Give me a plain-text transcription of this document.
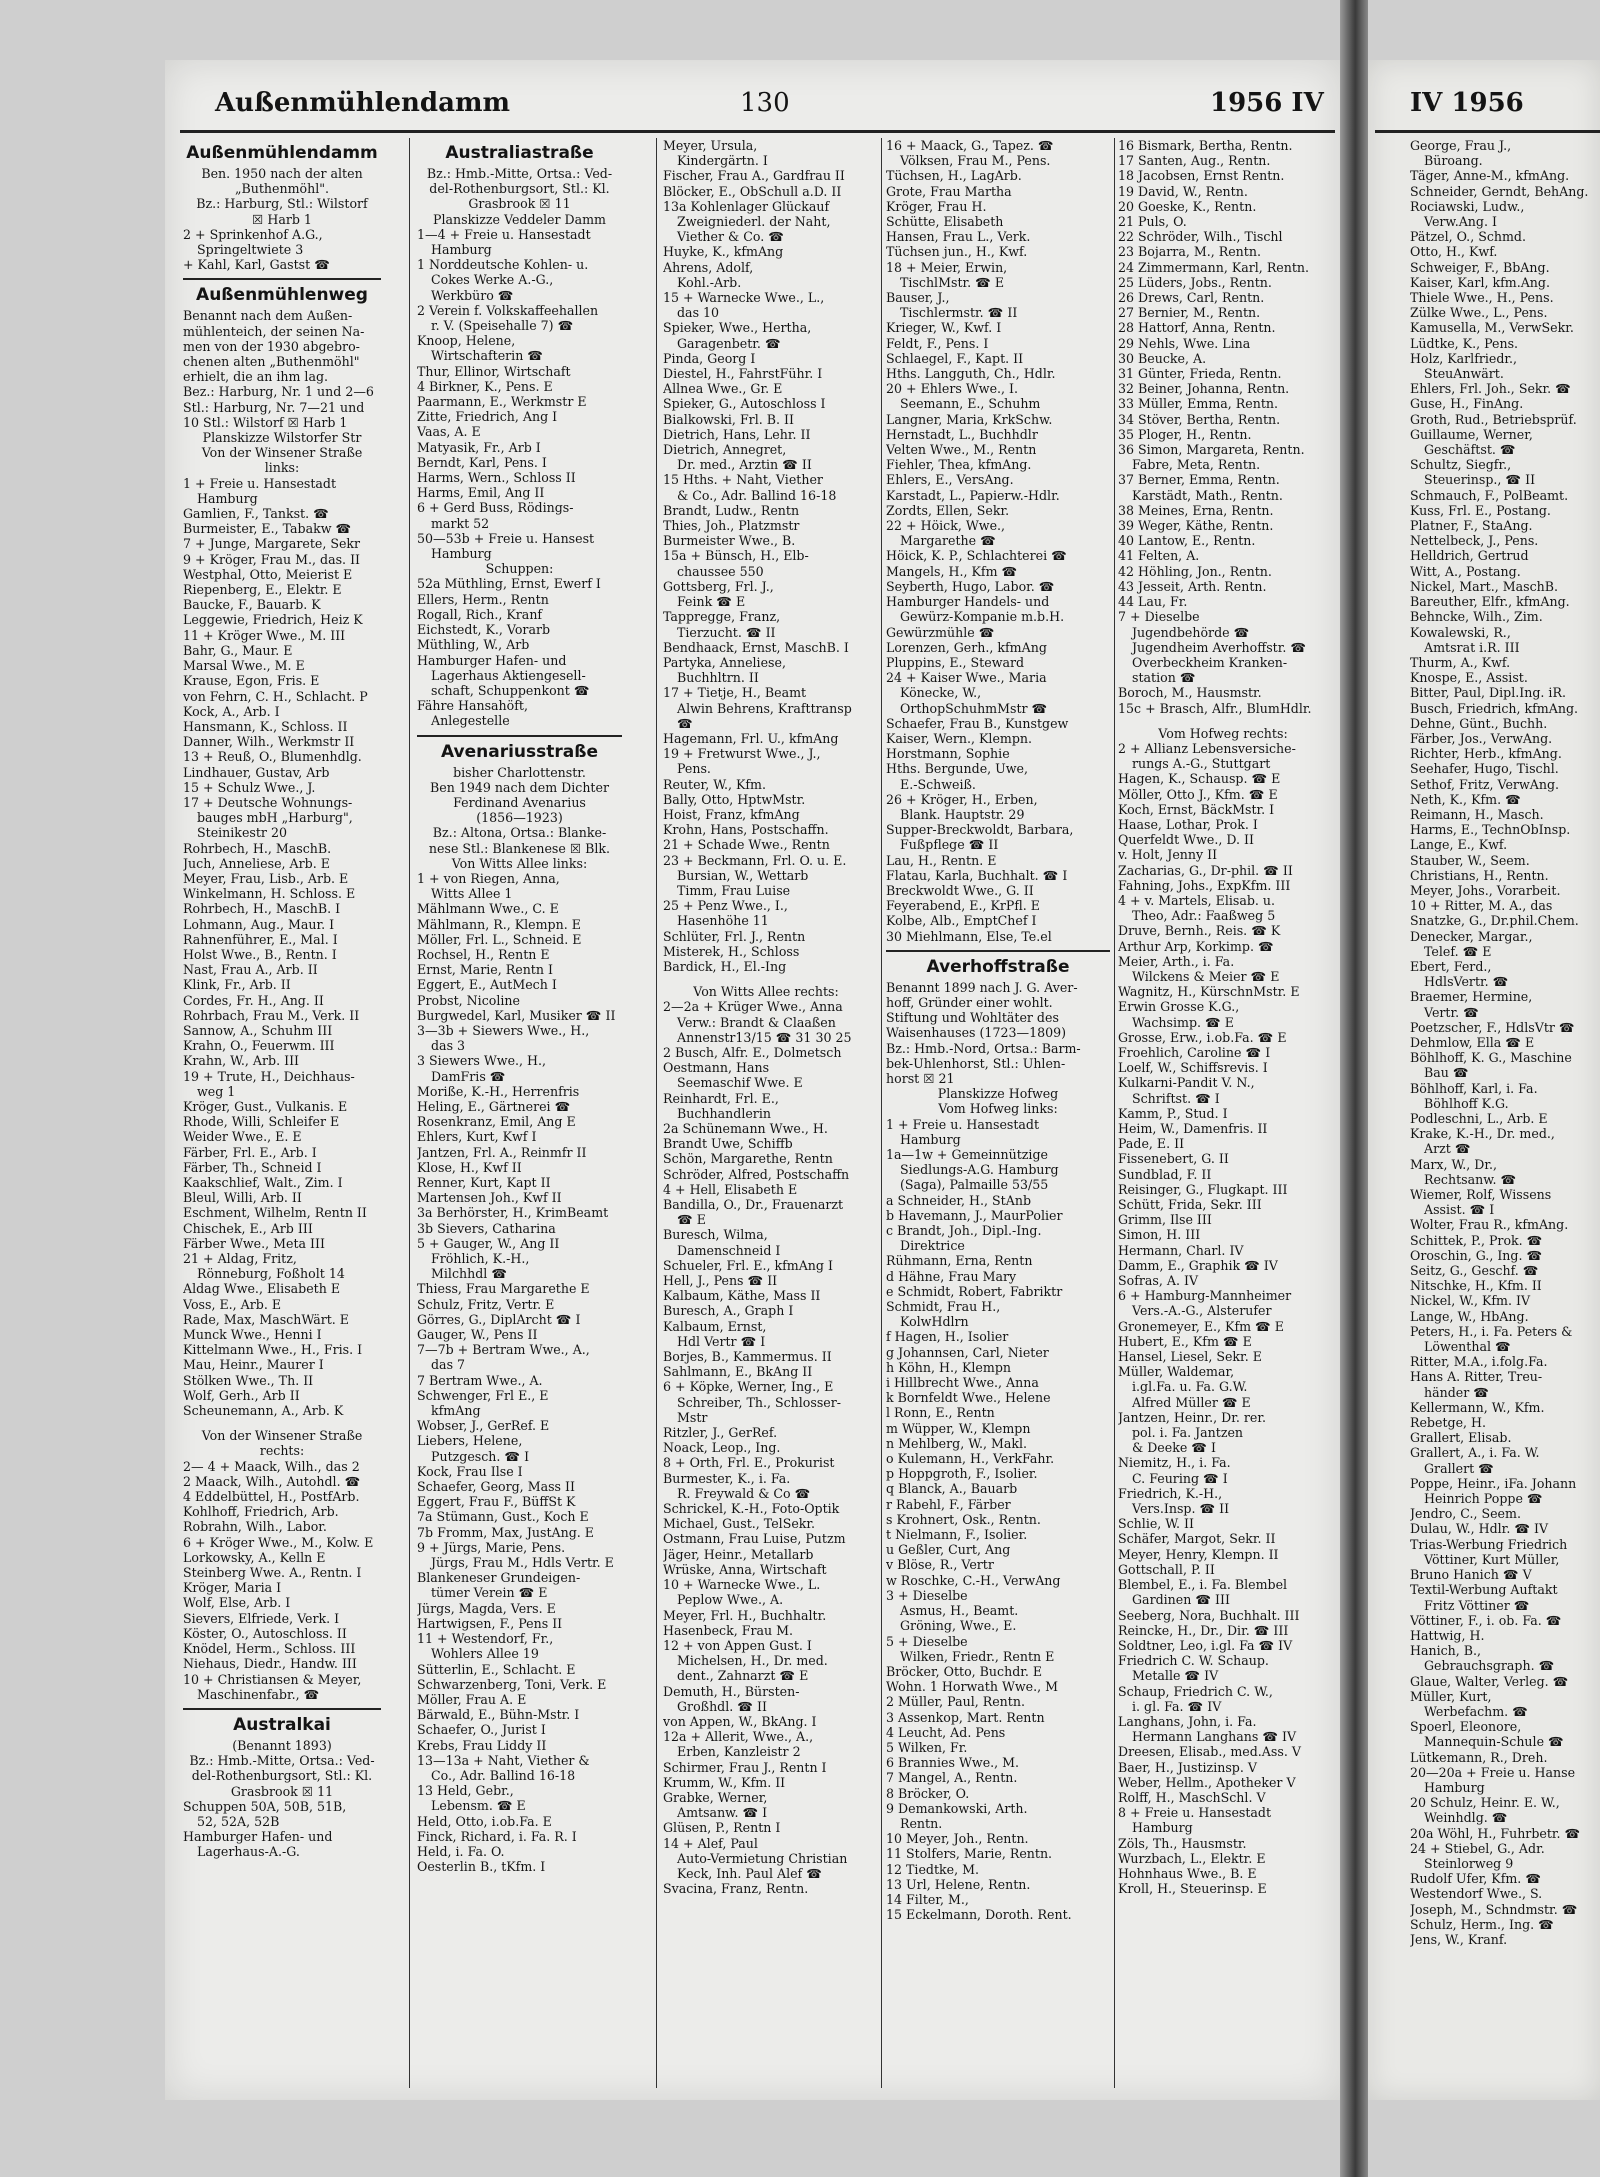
Außenmühlendamm	130	1956 IV	IV 1956
Außenmühlendamm
Ben. 1950 nach der alten
„Buthenmöhl".
Bz.: Harburg, Stl.: Wilstorf
☒ Harb 1
2 + Sprinkenhof A.G.,
Springeltwiete 3
+ Kahl, Karl, Gastst ☎
Außenmühlenweg
Benannt nach dem Außen-
mühlenteich, der seinen Na-
men von der 1930 abgebro-
chenen alten „Buthenmöhl"
erhielt, die an ihm lag.
Bez.: Harburg, Nr. 1 und 2—6
Stl.: Harburg, Nr. 7—21 und
10 Stl.: Wilstorf ☒ Harb 1
Planskizze Wilstorfer Str
Von der Winsener Straße
links:
1 + Freie u. Hansestadt
Hamburg
Gamlien, F., Tankst. ☎
Burmeister, E., Tabakw ☎
7 + Junge, Margarete, Sekr
9 + Kröger, Frau M., das. II
Westphal, Otto, Meierist E
Riepenberg, E., Elektr. E
Baucke, F., Bauarb. K
Leggewie, Friedrich, Heiz K
11 + Kröger Wwe., M. III
Bahr, G., Maur. E
Marsal Wwe., M. E
Krause, Egon, Fris. E
von Fehrn, C. H., Schlacht. P
Kock, A., Arb. I
Hansmann, K., Schloss. II
Danner, Wilh., Werkmstr II
13 + Reuß, O., Blumenhdlg.
Lindhauer, Gustav, Arb
15 + Schulz Wwe., J.
17 + Deutsche Wohnungs-
bauges mbH „Harburg",
Steinikestr 20
Rohrbech, H., MaschB.
Juch, Anneliese, Arb. E
Meyer, Frau, Lisb., Arb. E
Winkelmann, H. Schloss. E
Rohrbech, H., MaschB. I
Lohmann, Aug., Maur. I
Rahnenführer, E., Mal. I
Holst Wwe., B., Rentn. I
Nast, Frau A., Arb. II
Klink, Fr., Arb. II
Cordes, Fr. H., Ang. II
Rohrbach, Frau M., Verk. II
Sannow, A., Schuhm III
Krahn, O., Feuerwm. III
Krahn, W., Arb. III
19 + Trute, H., Deichhaus-
weg 1
Kröger, Gust., Vulkanis. E
Rhode, Willi, Schleifer E
Weider Wwe., E. E
Färber, Frl. E., Arb. I
Färber, Th., Schneid I
Kaakschlief, Walt., Zim. I
Bleul, Willi, Arb. II
Eschment, Wilhelm, Rentn II
Chischek, E., Arb III
Färber Wwe., Meta III
21 + Aldag, Fritz,
Rönneburg, Foßholt 14
Aldag Wwe., Elisabeth E
Voss, E., Arb. E
Rade, Max, MaschWärt. E
Munck Wwe., Henni I
Kittelmann Wwe., H., Fris. I
Mau, Heinr., Maurer I
Stölken Wwe., Th. II
Wolf, Gerh., Arb II
Scheunemann, A., Arb. K
Von der Winsener Straße
rechts:
2— 4 + Maack, Wilh., das 2
2 Maack, Wilh., Autohdl. ☎
4 Eddelbüttel, H., PostfArb.
Kohlhoff, Friedrich, Arb.
Robrahn, Wilh., Labor.
6 + Kröger Wwe., M., Kolw. E
Lorkowsky, A., Kelln E
Steinberg Wwe. A., Rentn. I
Kröger, Maria I
Wolf, Else, Arb. I
Sievers, Elfriede, Verk. I
Köster, O., Autoschloss. II
Knödel, Herm., Schloss. III
Niehaus, Diedr., Handw. III
10 + Christiansen & Meyer,
Maschinenfabr., ☎
Australkai
(Benannt 1893)
Bz.: Hmb.-Mitte, Ortsa.: Ved-
del-Rothenburgsort, Stl.: Kl.
Grasbrook ☒ 11
Schuppen 50A, 50B, 51B,
52, 52A, 52B
Hamburger Hafen- und
Lagerhaus-A.-G.
Australiastraße
Bz.: Hmb.-Mitte, Ortsa.: Ved-
del-Rothenburgsort, Stl.: Kl.
Grasbrook ☒ 11
Planskizze Veddeler Damm
1—4 + Freie u. Hansestadt
Hamburg
1 Norddeutsche Kohlen- u.
Cokes Werke A.-G.,
Werkbüro ☎
2 Verein f. Volkskaffeehallen
r. V. (Speisehalle 7) ☎
Knoop, Helene,
Wirtschafterin ☎
Thur, Ellinor, Wirtschaft
4 Birkner, K., Pens. E
Paarmann, E., Werkmstr E
Zitte, Friedrich, Ang I
Vaas, A. E
Matyasik, Fr., Arb I
Berndt, Karl, Pens. I
Harms, Wern., Schloss II
Harms, Emil, Ang II
6 + Gerd Buss, Rödings-
markt 52
50—53b + Freie u. Hansest
Hamburg
Schuppen:
52a Müthling, Ernst, Ewerf I
Ellers, Herm., Rentn
Rogall, Rich., Kranf
Eichstedt, K., Vorarb
Müthling, W., Arb
Hamburger Hafen- und
Lagerhaus Aktiengesell-
schaft, Schuppenkont ☎
Fähre Hansahöft,
Anlegestelle
Avenariusstraße
bisher Charlottenstr.
Ben 1949 nach dem Dichter
Ferdinand Avenarius
(1856—1923)
Bz.: Altona, Ortsa.: Blanke-
nese Stl.: Blankenese ☒ Blk.
Von Witts Allee links:
1 + von Riegen, Anna,
Witts Allee 1
Mählmann Wwe., C. E
Mählmann, R., Klempn. E
Möller, Frl. L., Schneid. E
Rochsel, H., Rentn E
Ernst, Marie, Rentn I
Eggert, E., AutMech I
Probst, Nicoline
Burgwedel, Karl, Musiker ☎ II
3—3b + Siewers Wwe., H.,
das 3
3 Siewers Wwe., H.,
DamFris ☎
Moriße, K.-H., Herrenfris
Heling, E., Gärtnerei ☎
Rosenkranz, Emil, Ang E
Ehlers, Kurt, Kwf I
Jantzen, Frl. A., Reinmfr II
Klose, H., Kwf II
Renner, Kurt, Kapt II
Martensen Joh., Kwf II
3a Berhörster, H., KrimBeamt
3b Sievers, Catharina
5 + Gauger, W., Ang II
Fröhlich, K.-H.,
Milchhdl ☎
Thiess, Frau Margarethe E
Schulz, Fritz, Vertr. E
Görres, G., DiplArcht ☎ I
Gauger, W., Pens II
7—7b + Bertram Wwe., A.,
das 7
7 Bertram Wwe., A.
Schwenger, Frl E., E
kfmAng
Wobser, J., GerRef. E
Liebers, Helene,
Putzgesch. ☎ I
Kock, Frau Ilse I
Schaefer, Georg, Mass II
Eggert, Frau F., BüffSt K
7a Stümann, Gust., Koch E
7b Fromm, Max, JustAng. E
9 + Jürgs, Marie, Pens.
Jürgs, Frau M., Hdls Vertr. E
Blankeneser Grundeigen-
tümer Verein ☎ E
Jürgs, Magda, Vers. E
Hartwigsen, F., Pens II
11 + Westendorf, Fr.,
Wohlers Allee 19
Sütterlin, E., Schlacht. E
Schwarzenberg, Toni, Verk. E
Möller, Frau A. E
Bärwald, E., Bühn-Mstr. I
Schaefer, O., Jurist I
Krebs, Frau Liddy II
13—13a + Naht, Viether &
Co., Adr. Ballind 16-18
13 Held, Gebr.,
Lebensm. ☎ E
Held, Otto, i.ob.Fa. E
Finck, Richard, i. Fa. R. I
Held, i. Fa. O.
Oesterlin B., tKfm. I
Meyer, Ursula,
Kindergärtn. I
Fischer, Frau A., Gardfrau II
Blöcker, E., ObSchull a.D. II
13a Kohlenlager Glückauf
Zweigniederl. der Naht,
Viether & Co. ☎
Huyke, K., kfmAng
Ahrens, Adolf,
Kohl.-Arb.
15 + Warnecke Wwe., L.,
das 10
Spieker, Wwe., Hertha,
Garagenbetr. ☎
Pinda, Georg I
Diestel, H., FahrstFühr. I
Allnea Wwe., Gr. E
Spieker, G., Autoschloss I
Bialkowski, Frl. B. II
Dietrich, Hans, Lehr. II
Dietrich, Annegret,
Dr. med., Arztin ☎ II
15 Hths. + Naht, Viether
& Co., Adr. Ballind 16-18
Brandt, Ludw., Rentn
Thies, Joh., Platzmstr
Burmeister Wwe., B.
15a + Bünsch, H., Elb-
chaussee 550
Gottsberg, Frl. J.,
Feink ☎ E
Tappregge, Franz,
Tierzucht. ☎ II
Bendhaack, Ernst, MaschB. I
Partyka, Anneliese,
Buchhltrn. II
17 + Tietje, H., Beamt
Alwin Behrens, Krafttransp
☎
Hagemann, Frl. U., kfmAng
19 + Fretwurst Wwe., J.,
Pens.
Reuter, W., Kfm.
Bally, Otto, HptwMstr.
Hoist, Franz, kfmAng
Krohn, Hans, Postschaffn.
21 + Schade Wwe., Rentn
23 + Beckmann, Frl. O. u. E.
Bursian, W., Wettarb
Timm, Frau Luise
25 + Penz Wwe., I.,
Hasenhöhe 11
Schlüter, Frl. J., Rentn
Misterek, H., Schloss
Bardick, H., El.-Ing
Von Witts Allee rechts:
2—2a + Krüger Wwe., Anna
Verw.: Brandt & Claaßen
Annenstr13/15 ☎ 31 30 25
2 Busch, Alfr. E., Dolmetsch
Oestmann, Hans
Seemaschif Wwe. E
Reinhardt, Frl. E.,
Buchhandlerin
2a Schünemann Wwe., H.
Brandt Uwe, Schiffb
Schön, Margarethe, Rentn
Schröder, Alfred, Postschaffn
4 + Hell, Elisabeth E
Bandilla, O., Dr., Frauenarzt
☎ E
Buresch, Wilma,
Damenschneid I
Schueler, Frl. E., kfmAng I
Hell, J., Pens ☎ II
Kalbaum, Käthe, Mass II
Buresch, A., Graph I
Kalbaum, Ernst,
Hdl Vertr ☎ I
Borjes, B., Kammermus. II
Sahlmann, E., BkAng II
6 + Köpke, Werner, Ing., E
Schreiber, Th., Schlosser-
Mstr
Ritzler, J., GerRef.
Noack, Leop., Ing.
8 + Orth, Frl. E., Prokurist
Burmester, K., i. Fa.
R. Freywald & Co ☎
Schrickel, K.-H., Foto-Optik
Michael, Gust., TelSekr.
Ostmann, Frau Luise, Putzm
Jäger, Heinr., Metallarb
Wrüske, Anna, Wirtschaft
10 + Warnecke Wwe., L.
Peplow Wwe., A.
Meyer, Frl. H., Buchhaltr.
Hasenbeck, Frau M.
12 + von Appen Gust. I
Michelsen, H., Dr. med.
dent., Zahnarzt ☎ E
Demuth, H., Bürsten-
Großhdl. ☎ II
von Appen, W., BkAng. I
12a + Allerit, Wwe., A.,
Erben, Kanzleistr 2
Schirmer, Frau J., Rentn I
Krumm, W., Kfm. II
Grabke, Werner,
Amtsanw. ☎ I
Glüsen, P., Rentn I
14 + Alef, Paul
Auto-Vermietung Christian
Keck, Inh. Paul Alef ☎
Svacina, Franz, Rentn.
16 + Maack, G., Tapez. ☎
Völksen, Frau M., Pens.
Tüchsen, H., LagArb.
Grote, Frau Martha
Kröger, Frau H.
Schütte, Elisabeth
Hansen, Frau L., Verk.
Tüchsen jun., H., Kwf.
18 + Meier, Erwin,
TischlMstr. ☎ E
Bauser, J.,
Tischlermstr. ☎ II
Krieger, W., Kwf. I
Feldt, F., Pens. I
Schlaegel, F., Kapt. II
Hths. Langguth, Ch., Hdlr.
20 + Ehlers Wwe., I.
Seemann, E., Schuhm
Langner, Maria, KrkSchw.
Hernstadt, L., Buchhdlr
Velten Wwe., M., Rentn
Fiehler, Thea, kfmAng.
Ehlers, E., VersAng.
Karstadt, L., Papierw.-Hdlr.
Zordts, Ellen, Sekr.
22 + Höick, Wwe.,
Margarethe ☎
Höick, K. P., Schlachterei ☎
Mangels, H., Kfm ☎
Seyberth, Hugo, Labor. ☎
Hamburger Handels- und
Gewürz-Kompanie m.b.H.
Gewürzmühle ☎
Lorenzen, Gerh., kfmAng
Pluppins, E., Steward
24 + Kaiser Wwe., Maria
Könecke, W.,
OrthopSchuhmMstr ☎
Schaefer, Frau B., Kunstgew
Kaiser, Wern., Klempn.
Horstmann, Sophie
Hths. Bergunde, Uwe,
E.-Schweiß.
26 + Kröger, H., Erben,
Blank. Hauptstr. 29
Supper-Breckwoldt, Barbara,
Fußpflege ☎ II
Lau, H., Rentn. E
Flatau, Karla, Buchhalt. ☎ I
Breckwoldt Wwe., G. II
Feyerabend, E., KrPfl. E
Kolbe, Alb., EmptChef I
30 Miehlmann, Else, Te.el
Averhoffstraße
Benannt 1899 nach J. G. Aver-
hoff, Gründer einer wohlt.
Stiftung und Wohltäter des
Waisenhauses (1723—1809)
Bz.: Hmb.-Nord, Ortsa.: Barm-
bek-Uhlenhorst, Stl.: Uhlen-
horst ☒ 21
Planskizze Hofweg
Vom Hofweg links:
1 + Freie u. Hansestadt
Hamburg
1a—1w + Gemeinnützige
Siedlungs-A.G. Hamburg
(Saga), Palmaille 53/55
a Schneider, H., StAnb
b Havemann, J., MaurPolier
c Brandt, Joh., Dipl.-Ing.
Direktrice
Rühmann, Erna, Rentn
d Hähne, Frau Mary
e Schmidt, Robert, Fabriktr
Schmidt, Frau H.,
KolwHdlrn
f Hagen, H., Isolier
g Johannsen, Carl, Nieter
h Köhn, H., Klempn
i Hillbrecht Wwe., Anna
k Bornfeldt Wwe., Helene
l Ronn, E., Rentn
m Wüpper, W., Klempn
n Mehlberg, W., Makl.
o Kulemann, H., VerkFahr.
p Hoppgroth, F., Isolier.
q Blanck, A., Bauarb
r Rabehl, F., Färber
s Krohnert, Osk., Rentn.
t Nielmann, F., Isolier.
u Geßler, Curt, Ang
v Blöse, R., Vertr
w Roschke, C.-H., VerwAng
3 + Dieselbe
Asmus, H., Beamt.
Gröning, Wwe., E.
5 + Dieselbe
Wilken, Friedr., Rentn E
Bröcker, Otto, Buchdr. E
Wohn. 1 Horwath Wwe., M
2 Müller, Paul, Rentn.
3 Assenkop, Mart. Rentn
4 Leucht, Ad. Pens
5 Wilken, Fr.
6 Brannies Wwe., M.
7 Mangel, A., Rentn.
8 Bröcker, O.
9 Demankowski, Arth.
Rentn.
10 Meyer, Joh., Rentn.
11 Stolfers, Marie, Rentn.
12 Tiedtke, M.
13 Url, Helene, Rentn.
14 Filter, M.,
15 Eckelmann, Doroth. Rent.
16 Bismark, Bertha, Rentn.
17 Santen, Aug., Rentn.
18 Jacobsen, Ernst Rentn.
19 David, W., Rentn.
20 Goeske, K., Rentn.
21 Puls, O.
22 Schröder, Wilh., Tischl
23 Bojarra, M., Rentn.
24 Zimmermann, Karl, Rentn.
25 Lüders, Jobs., Rentn.
26 Drews, Carl, Rentn.
27 Bernier, M., Rentn.
28 Hattorf, Anna, Rentn.
29 Nehls, Wwe. Lina
30 Beucke, A.
31 Günter, Frieda, Rentn.
32 Beiner, Johanna, Rentn.
33 Müller, Emma, Rentn.
34 Stöver, Bertha, Rentn.
35 Ploger, H., Rentn.
36 Simon, Margareta, Rentn.
Fabre, Meta, Rentn.
37 Berner, Emma, Rentn.
Karstädt, Math., Rentn.
38 Meines, Erna, Rentn.
39 Weger, Käthe, Rentn.
40 Lantow, E., Rentn.
41 Felten, A.
42 Höhling, Jon., Rentn.
43 Jesseit, Arth. Rentn.
44 Lau, Fr.
7 + Dieselbe
Jugendbehörde ☎
Jugendheim Averhoffstr. ☎
Overbeckheim Kranken-
station ☎
Boroch, M., Hausmstr.
15c + Brasch, Alfr., BlumHdlr.
Vom Hofweg rechts:
2 + Allianz Lebensversiche-
rungs A.-G., Stuttgart
Hagen, K., Schausp. ☎ E
Möller, Otto J., Kfm. ☎ E
Koch, Ernst, BäckMstr. I
Haase, Lothar, Prok. I
Querfeldt Wwe., D. II
v. Holt, Jenny II
Zacharias, G., Dr-phil. ☎ II
Fahning, Johs., ExpKfm. III
4 + v. Martels, Elisab. u.
Theo, Adr.: Faaßweg 5
Druve, Bernh., Reis. ☎ K
Arthur Arp, Korkimp. ☎
Meier, Arth., i. Fa.
Wilckens & Meier ☎ E
Wagnitz, H., KürschnMstr. E
Erwin Grosse K.G.,
Wachsimp. ☎ E
Grosse, Erw., i.ob.Fa. ☎ E
Froehlich, Caroline ☎ I
Loelf, W., Schiffsrevis. I
Kulkarni-Pandit V. N.,
Schriftst. ☎ I
Kamm, P., Stud. I
Heim, W., Damenfris. II
Pade, E. II
Fissenebert, G. II
Sundblad, F. II
Reisinger, G., Flugkapt. III
Schütt, Frida, Sekr. III
Grimm, Ilse III
Simon, H. III
Hermann, Charl. IV
Damm, E., Graphik ☎ IV
Sofras, A. IV
6 + Hamburg-Mannheimer
Vers.-A.-G., Alsterufer
Gronemeyer, E., Kfm ☎ E
Hubert, E., Kfm ☎ E
Hansel, Liesel, Sekr. E
Müller, Waldemar,
i.gl.Fa. u. Fa. G.W.
Alfred Müller ☎ E
Jantzen, Heinr., Dr. rer.
pol. i. Fa. Jantzen
& Deeke ☎ I
Niemitz, H., i. Fa.
C. Feuring ☎ I
Friedrich, K.-H.,
Vers.Insp. ☎ II
Schlie, W. II
Schäfer, Margot, Sekr. II
Meyer, Henry, Klempn. II
Gottschall, P. II
Blembel, E., i. Fa. Blembel
Gardinen ☎ III
Seeberg, Nora, Buchhalt. III
Reincke, H., Dr., Dir. ☎ III
Soldtner, Leo, i.gl. Fa ☎ IV
Friedrich C. W. Schaup.
Metalle ☎ IV
Schaup, Friedrich C. W.,
i. gl. Fa. ☎ IV
Langhans, John, i. Fa.
Hermann Langhans ☎ IV
Dreesen, Elisab., med.Ass. V
Baer, H., Justizinsp. V
Weber, Hellm., Apotheker V
Rolff, H., MaschSchl. V
8 + Freie u. Hansestadt
Hamburg
Zöls, Th., Hausmstr.
Wurzbach, L., Elektr. E
Hohnhaus Wwe., B. E
Kroll, H., Steuerinsp. E
George, Frau J.,
Büroang.
Täger, Anne-M., kfmAng.
Schneider, Gerndt, BehAng.
Rociawski, Ludw.,
Verw.Ang. I
Pätzel, O., Schmd.
Otto, H., Kwf.
Schweiger, F., BbAng.
Kaiser, Karl, kfm.Ang.
Thiele Wwe., H., Pens.
Zülke Wwe., L., Pens.
Kamusella, M., VerwSekr.
Lüdtke, K., Pens.
Holz, Karlfriedr.,
SteuAnwärt.
Ehlers, Frl. Joh., Sekr. ☎
Guse, H., FinAng.
Groth, Rud., Betriebsprüf.
Guillaume, Werner,
Geschäftst. ☎
Schultz, Siegfr.,
Steuerinsp., ☎ II
Schmauch, F., PolBeamt.
Kuss, Frl. E., Postang.
Platner, F., StaAng.
Nettelbeck, J., Pens.
Helldrich, Gertrud
Witt, A., Postang.
Nickel, Mart., MaschB.
Bareuther, Elfr., kfmAng.
Behncke, Wilh., Zim.
Kowalewski, R.,
Amtsrat i.R. III
Thurm, A., Kwf.
Knospe, E., Assist.
Bitter, Paul, Dipl.Ing. iR.
Busch, Friedrich, kfmAng.
Dehne, Günt., Buchh.
Färber, Jos., VerwAng.
Richter, Herb., kfmAng.
Seehafer, Hugo, Tischl.
Sethof, Fritz, VerwAng.
Neth, K., Kfm. ☎
Reimann, H., Masch.
Harms, E., TechnObInsp.
Lange, E., Kwf.
Stauber, W., Seem.
Christians, H., Rentn.
Meyer, Johs., Vorarbeit.
10 + Ritter, M. A., das
Snatzke, G., Dr.phil.Chem.
Denecker, Margar.,
Telef. ☎ E
Ebert, Ferd.,
HdlsVertr. ☎
Braemer, Hermine,
Vertr. ☎
Poetzscher, F., HdlsVtr ☎
Dehmlow, Ella ☎ E
Böhlhoff, K. G., Maschine
Bau ☎
Böhlhoff, Karl, i. Fa.
Böhlhoff K.G.
Podleschni, L., Arb. E
Krake, K.-H., Dr. med.,
Arzt ☎
Marx, W., Dr.,
Rechtsanw. ☎
Wiemer, Rolf, Wissens
Assist. ☎ I
Wolter, Frau R., kfmAng.
Schittek, P., Prok. ☎
Oroschin, G., Ing. ☎
Seitz, G., Geschf. ☎
Nitschke, H., Kfm. II
Nickel, W., Kfm. IV
Lange, W., HbAng.
Peters, H., i. Fa. Peters &
Löwenthal ☎
Ritter, M.A., i.folg.Fa.
Hans A. Ritter, Treu-
händer ☎
Kellermann, W., Kfm.
Rebetge, H.
Grallert, Elisab.
Grallert, A., i. Fa. W.
Grallert ☎
Poppe, Heinr., iFa. Johann
Heinrich Poppe ☎
Jendro, C., Seem.
Dulau, W., Hdlr. ☎ IV
Trias-Werbung Friedrich
Vöttiner, Kurt Müller,
Bruno Hanich ☎ V
Textil-Werbung Auftakt
Fritz Vöttiner ☎
Vöttiner, F., i. ob. Fa. ☎
Hattwig, H.
Hanich, B.,
Gebrauchsgraph. ☎
Glaue, Walter, Verleg. ☎
Müller, Kurt,
Werbefachm. ☎
Spoerl, Eleonore,
Mannequin-Schule ☎
Lütkemann, R., Dreh.
20—20a + Freie u. Hanse
Hamburg
20 Schulz, Heinr. E. W.,
Weinhdlg. ☎
20a Wöhl, H., Fuhrbetr. ☎
24 + Stiebel, G., Adr.
Steinlorweg 9
Rudolf Ufer, Kfm. ☎
Westendorf Wwe., S.
Joseph, M., Schndmstr. ☎
Schulz, Herm., Ing. ☎
Jens, W., Kranf.
